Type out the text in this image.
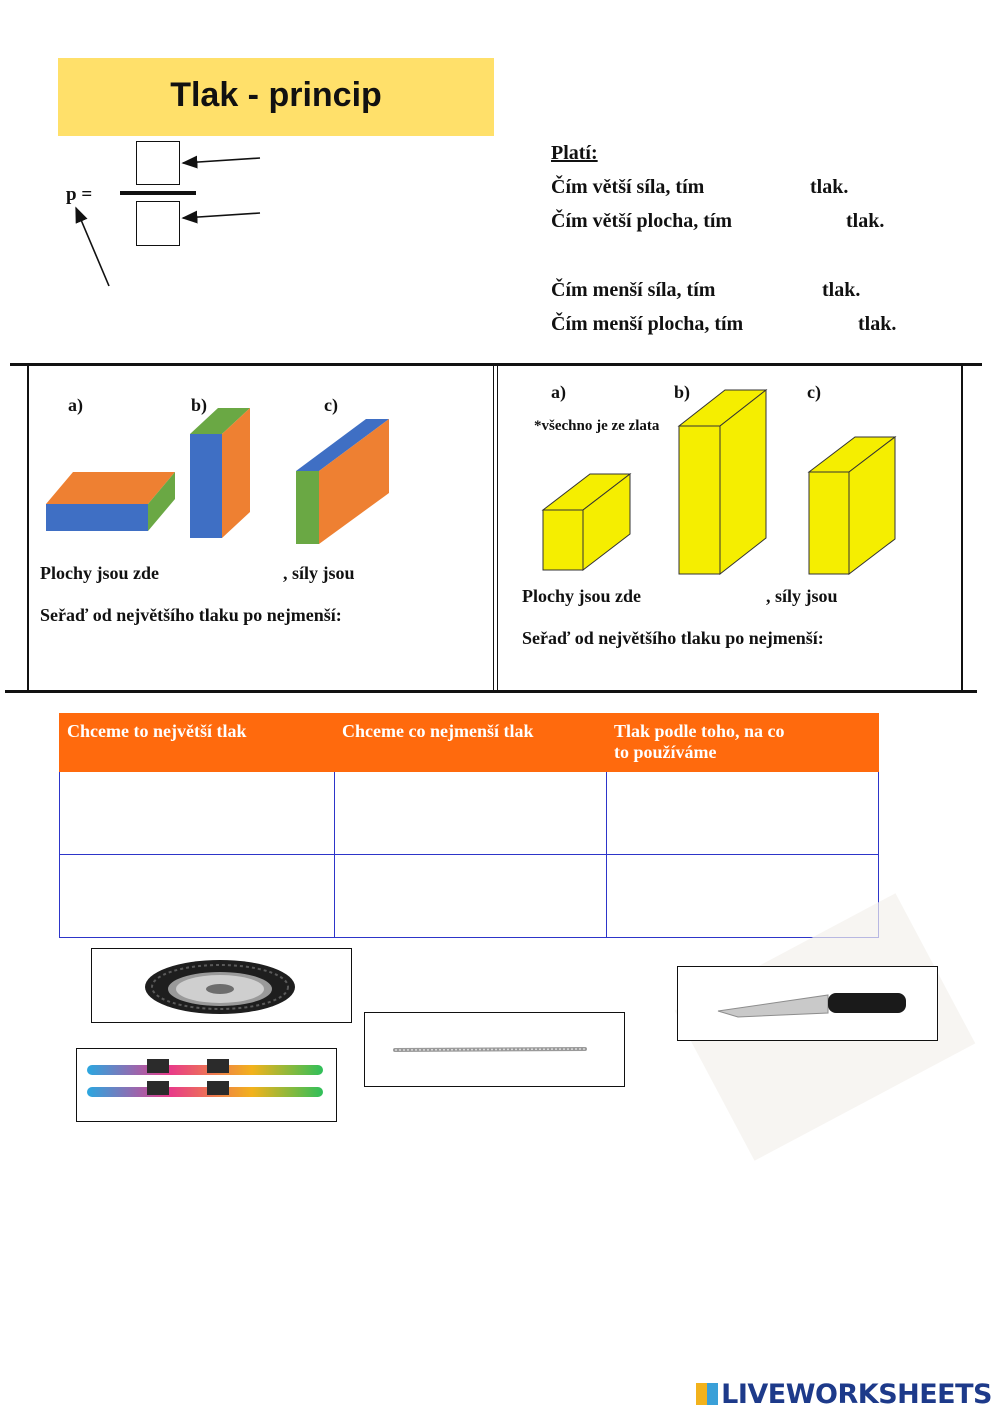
Tlak - princip
p =
Platí:
Čím větší síla, tím	tlak.
Čím větší plocha, tím	tlak.
Čím menší síla, tím	tlak.
Čím menší plocha, tím	tlak.
a)	b)	c)
Plochy jsou zde	, síly jsou
Seřaď od největšího tlaku po nejmenší:
a)	b)	c)
*všechno je ze zlata
Plochy jsou zde	, síly jsou
Seřaď od největšího tlaku po nejmenší:
Chceme to největší tlak	Chceme co nejmenší tlak	Tlak podle toho, na co
to používáme

LIVEWORKSHEETS
